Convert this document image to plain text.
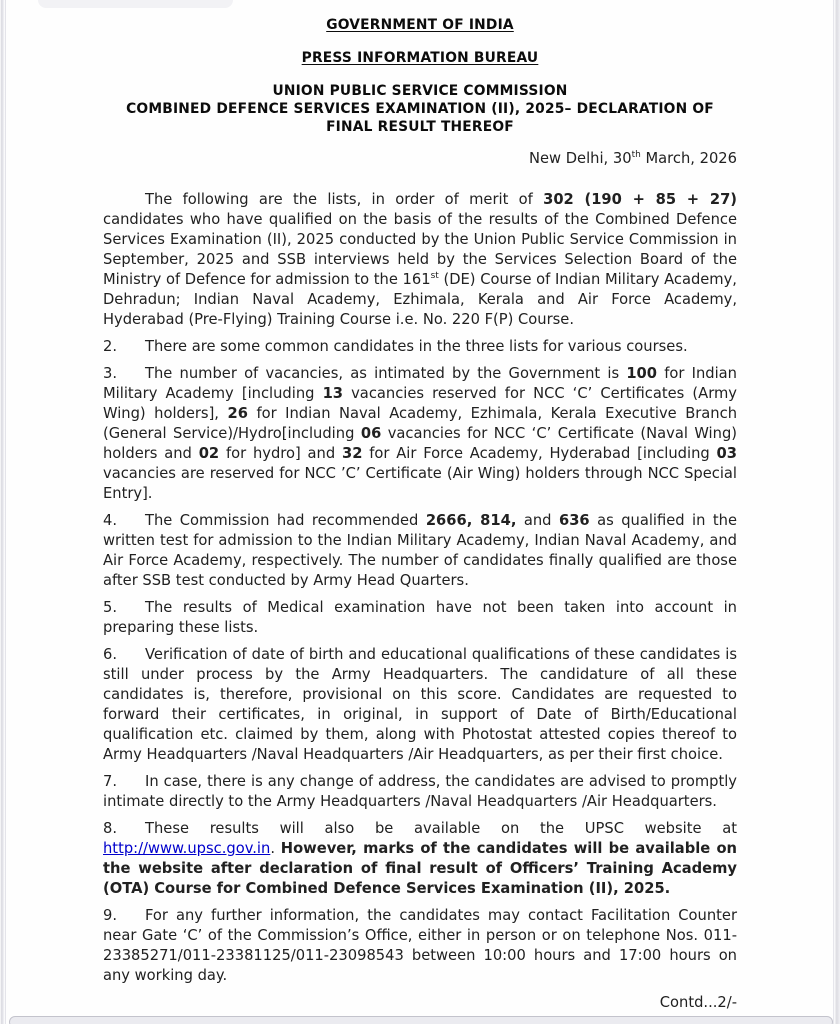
GOVERNMENT OF INDIA
PRESS INFORMATION BUREAU
UNION PUBLIC SERVICE COMMISSION
COMBINED DEFENCE SERVICES EXAMINATION (II), 2025– DECLARATION OF FINAL RESULT THEREOF
New Delhi, 30th March, 2026

The following are the lists, in order of merit of 302 (190 + 85 + 27) candidates who have qualified on the basis of the results of the Combined Defence Services Examination (II), 2025 conducted by the Union Public Service Commission in September, 2025 and SSB interviews held by the Services Selection Board of the Ministry of Defence for admission to the 161st (DE) Course of Indian Military Academy, Dehradun; Indian Naval Academy, Ezhimala, Kerala and Air Force Academy, Hyderabad (Pre-Flying) Training Course i.e. No. 220 F(P) Course.

2. There are some common candidates in the three lists for various courses.

3. The number of vacancies, as intimated by the Government is 100 for Indian Military Academy [including 13 vacancies reserved for NCC ‘C’ Certificates (Army Wing) holders], 26 for Indian Naval Academy, Ezhimala, Kerala Executive Branch (General Service)/Hydro[including 06 vacancies for NCC ‘C’ Certificate (Naval Wing) holders and 02 for hydro] and 32 for Air Force Academy, Hyderabad [including 03 vacancies are reserved for NCC ’C’ Certificate (Air Wing) holders through NCC Special Entry].

4. The Commission had recommended 2666, 814, and 636 as qualified in the written test for admission to the Indian Military Academy, Indian Naval Academy, and Air Force Academy, respectively. The number of candidates finally qualified are those after SSB test conducted by Army Head Quarters.

5. The results of Medical examination have not been taken into account in preparing these lists.

6. Verification of date of birth and educational qualifications of these candidates is still under process by the Army Headquarters. The candidature of all these candidates is, therefore, provisional on this score. Candidates are requested to forward their certificates, in original, in support of Date of Birth/Educational qualification etc. claimed by them, along with Photostat attested copies thereof to Army Headquarters /Naval Headquarters /Air Headquarters, as per their first choice.

7. In case, there is any change of address, the candidates are advised to promptly intimate directly to the Army Headquarters /Naval Headquarters /Air Headquarters.

8. These results will also be available on the UPSC website at http://www.upsc.gov.in. However, marks of the candidates will be available on the website after declaration of final result of Officers’ Training Academy (OTA) Course for Combined Defence Services Examination (II), 2025.

9. For any further information, the candidates may contact Facilitation Counter near Gate ‘C’ of the Commission’s Office, either in person or on telephone Nos. 011-23385271/011-23381125/011-23098543 between 10:00 hours and 17:00 hours on any working day.

Contd...2/-
